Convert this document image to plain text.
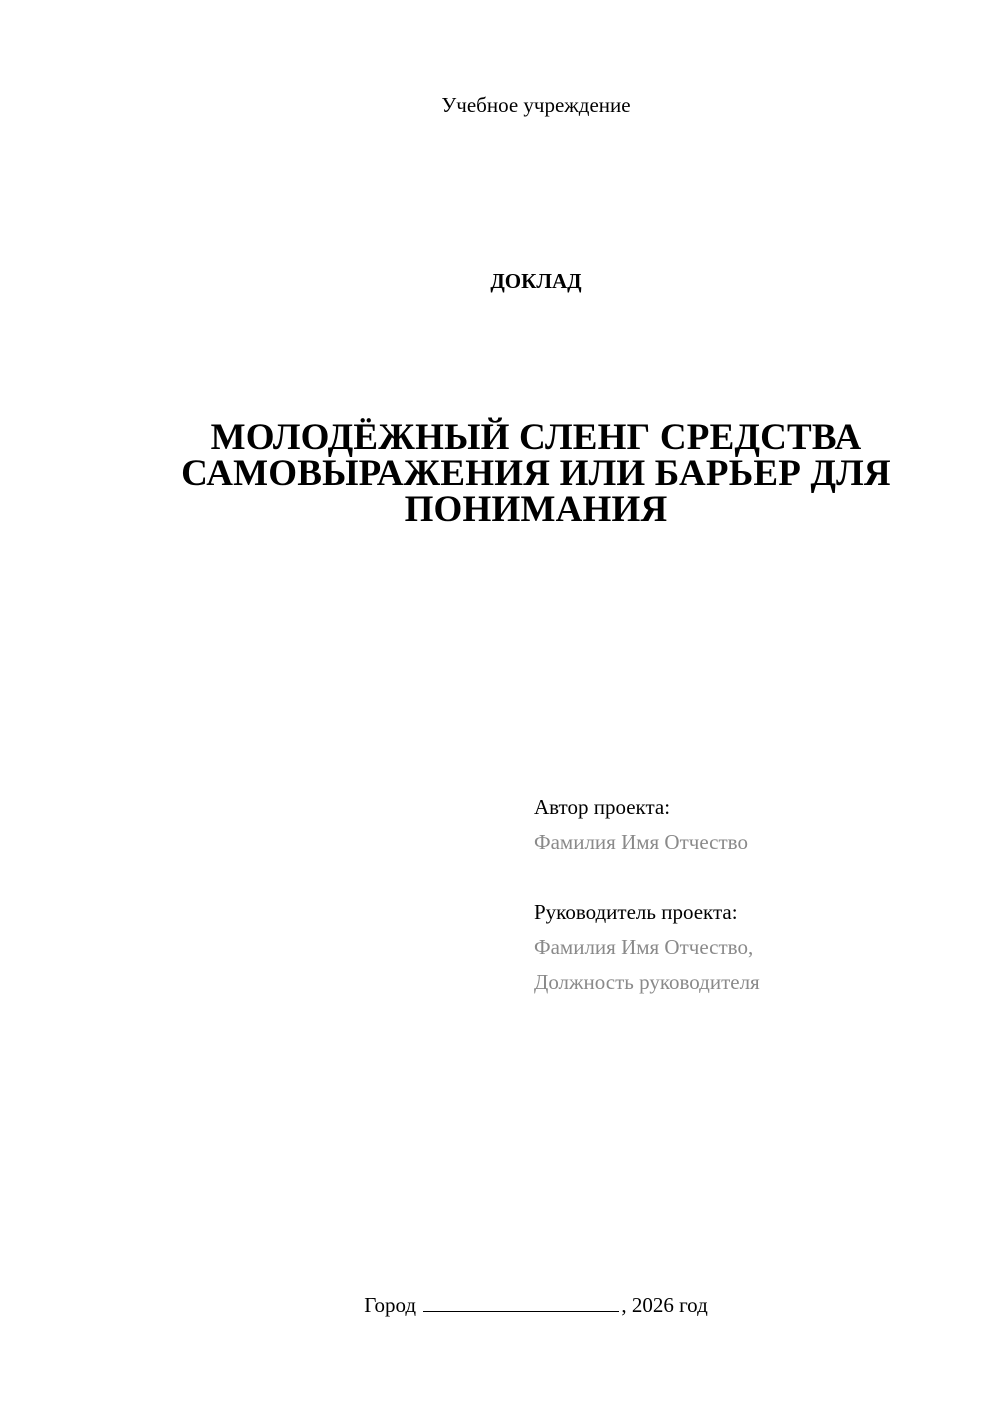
Учебное учреждение
ДОКЛАД
МОЛОДЁЖНЫЙ СЛЕНГ СРЕДСТВА
САМОВЫРАЖЕНИЯ ИЛИ БАРЬЕР ДЛЯ
ПОНИМАНИЯ
Автор проекта:
Фамилия Имя Отчество
Руководитель проекта:
Фамилия Имя Отчество,
Должность руководителя
Город	, 2026 год
